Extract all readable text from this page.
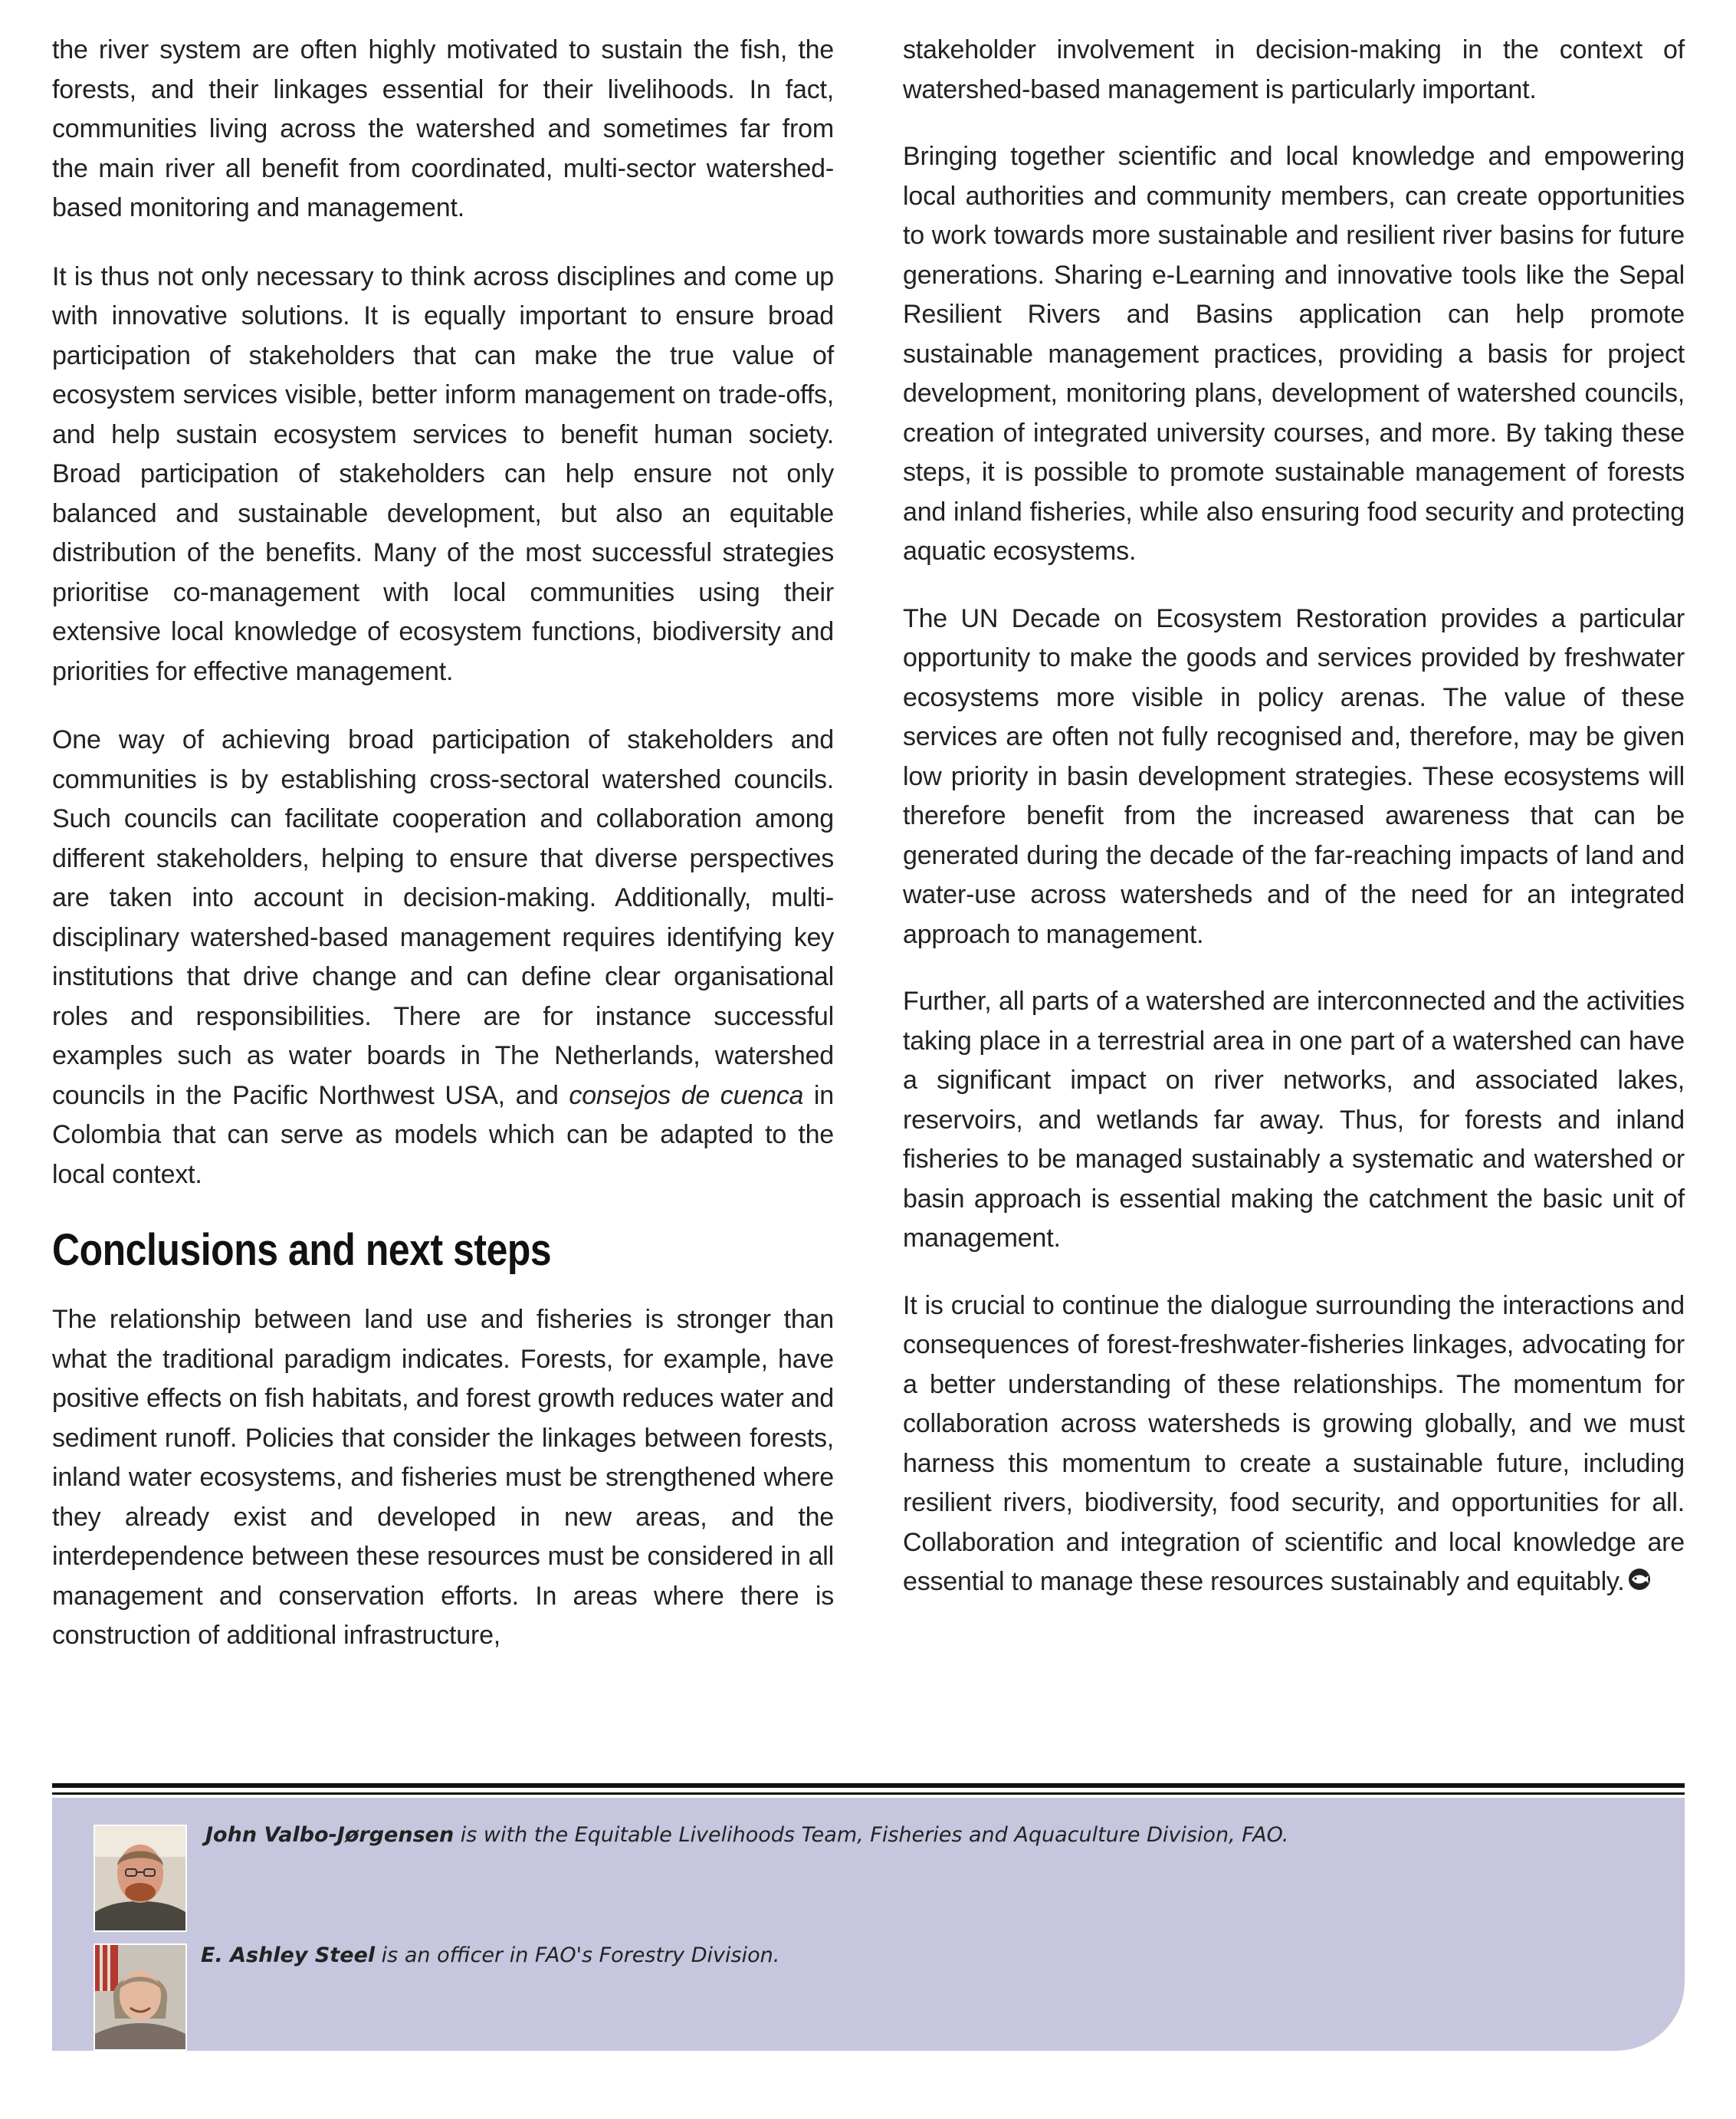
the river system are often highly motivated to sustain the fish, the forests, and their linkages essential for their livelihoods. In fact, communities living across the watershed and sometimes far from the main river all benefit from coordinated, multi-sector watershed-based monitoring and management.

It is thus not only necessary to think across disciplines and come up with innovative solutions. It is equally important to ensure broad participation of stakeholders that can make the true value of ecosystem services visible, better inform management on trade-offs, and help sustain ecosystem services to benefit human society. Broad participation of stakeholders can help ensure not only balanced and sustainable development, but also an equitable distribution of the benefits. Many of the most successful strategies prioritise co-management with local communities using their extensive local knowledge of ecosystem functions, biodiversity and priorities for effective management.

One way of achieving broad participation of stakeholders and communities is by establishing cross-sectoral watershed councils. Such councils can facilitate cooperation and collaboration among different stakeholders, helping to ensure that diverse perspectives are taken into account in decision-making. Additionally, multi-disciplinary watershed-based management requires identifying key institutions that drive change and can define clear organisational roles and responsibilities. There are for instance successful examples such as water boards in The Netherlands, watershed councils in the Pacific Northwest USA, and consejos de cuenca in Colombia that can serve as models which can be adapted to the local context.

Conclusions and next steps

The relationship between land use and fisheries is stronger than what the traditional paradigm indicates. Forests, for example, have positive effects on fish habitats, and forest growth reduces water and sediment runoff. Policies that consider the linkages between forests, inland water ecosystems, and fisheries must be strengthened where they already exist and developed in new areas, and the interdependence between these resources must be considered in all management and conservation efforts. In areas where there is construction of additional infrastructure,

stakeholder involvement in decision-making in the context of watershed-based management is particularly important.

Bringing together scientific and local knowledge and empowering local authorities and community members, can create opportunities to work towards more sustainable and resilient river basins for future generations. Sharing e-Learning and innovative tools like the Sepal Resilient Rivers and Basins application can help promote sustainable management practices, providing a basis for project development, monitoring plans, development of watershed councils, creation of integrated university courses, and more. By taking these steps, it is possible to promote sustainable management of forests and inland fisheries, while also ensuring food security and protecting aquatic ecosystems.

The UN Decade on Ecosystem Restoration provides a particular opportunity to make the goods and services provided by freshwater ecosystems more visible in policy arenas. The value of these services are often not fully recognised and, therefore, may be given low priority in basin development strategies. These ecosystems will therefore benefit from the increased awareness that can be generated during the decade of the far-reaching impacts of land and water-use across watersheds and of the need for an integrated approach to management.

Further, all parts of a watershed are interconnected and the activities taking place in a terrestrial area in one part of a watershed can have a significant impact on river networks, and associated lakes, reservoirs, and wetlands far away. Thus, for forests and inland fisheries to be managed sustainably a systematic and watershed or basin approach is essential making the catchment the basic unit of management.

It is crucial to continue the dialogue surrounding the interactions and consequences of forest-freshwater-fisheries linkages, advocating for a better understanding of these relationships. The momentum for collaboration across watersheds is growing globally, and we must harness this momentum to create a sustainable future, including resilient rivers, biodiversity, food security, and opportunities for all. Collaboration and integration of scientific and local knowledge are essential to manage these resources sustainably and equitably.

John Valbo-Jørgensen is with the Equitable Livelihoods Team, Fisheries and Aquaculture Division, FAO.
E. Ashley Steel is an officer in FAO's Forestry Division.
